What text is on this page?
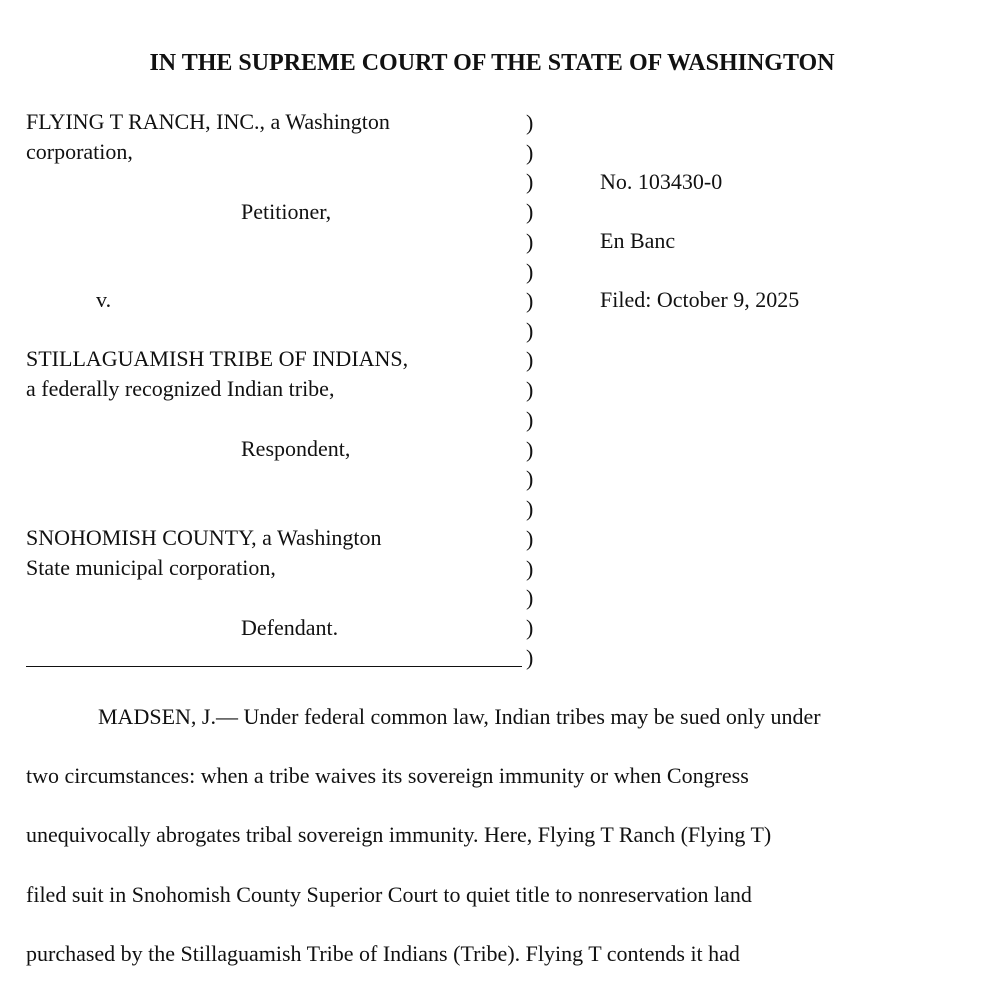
IN THE SUPREME COURT OF THE STATE OF WASHINGTON
FLYING T RANCH, INC., a Washington
corporation,
Petitioner,
v.
STILLAGUAMISH TRIBE OF INDIANS,
a federally recognized Indian tribe,
Respondent,
SNOHOMISH COUNTY, a Washington
State municipal corporation,
Defendant.
)
)
)
)
)
)
)
)
)
)
)
)
)
)
)
)
)
)
)
No. 103430-0
En Banc
Filed: October 9, 2025
MADSEN, J.— Under federal common law, Indian tribes may be sued only under
two circumstances: when a tribe waives its sovereign immunity or when Congress
unequivocally abrogates tribal sovereign immunity. Here, Flying T Ranch (Flying T)
filed suit in Snohomish County Superior Court to quiet title to nonreservation land
purchased by the Stillaguamish Tribe of Indians (Tribe). Flying T contends it had
